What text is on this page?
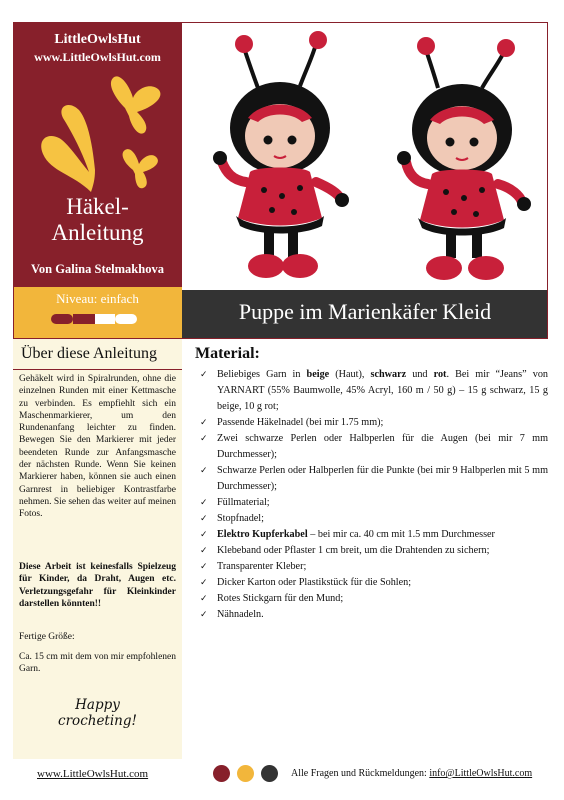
LittleOwlsHut
www.LittleOwlsHut.com
Häkel-
Anleitung
Von Galina Stelmakhova
Niveau: einfach
Puppe im Marienkäfer Kleid
Über diese Anleitung
Gehäkelt wird in Spiralrunden, ohne die einzelnen Runden mit einer Kettmasche zu verbinden. Es empfiehlt sich ein Maschenmarkierer, um den Rundenanfang leichter zu finden. Bewegen Sie den Markierer mit jeder beendeten Runde zur Anfangsmasche der nächsten Runde. Wenn Sie keinen Markierer haben, können sie auch einen Garnrest in beliebiger Kontrastfarbe nehmen. Sie sehen das weiter auf meinen Fotos.
Diese Arbeit ist keinesfalls Spielzeug für Kinder, da Draht, Augen etc. Verletzungsgefahr für Kleinkinder darstellen könnten!!
Fertige Größe:
Ca. 15 cm mit dem von mir empfohlenen Garn.
Happy
crocheting!
Material:
✓ Beliebiges Garn in beige (Haut), schwarz und rot. Bei mir “Jeans” von YARNART (55% Baumwolle, 45% Acryl, 160 m / 50 g) – 15 g schwarz, 15 g beige, 10 g rot;
✓ Passende Häkelnadel (bei mir 1.75 mm);
✓ Zwei schwarze Perlen oder Halbperlen für die Augen (bei mir 7 mm Durchmesser);
✓ Schwarze Perlen oder Halbperlen für die Punkte (bei mir 9 Halbperlen mit 5 mm Durchmesser);
✓ Füllmaterial;
✓ Stopfnadel;
✓ Elektro Kupferkabel – bei mir ca. 40 cm mit 1.5 mm Durchmesser
✓ Klebeband oder Pflaster 1 cm breit, um die Drahtenden zu sichern;
✓ Transparenter Kleber;
✓ Dicker Karton oder Plastikstück für die Sohlen;
✓ Rotes Stickgarn für den Mund;
✓ Nähnadeln.
www.LittleOwlsHut.com	Alle Fragen und Rückmeldungen: info@LittleOwlsHut.com
